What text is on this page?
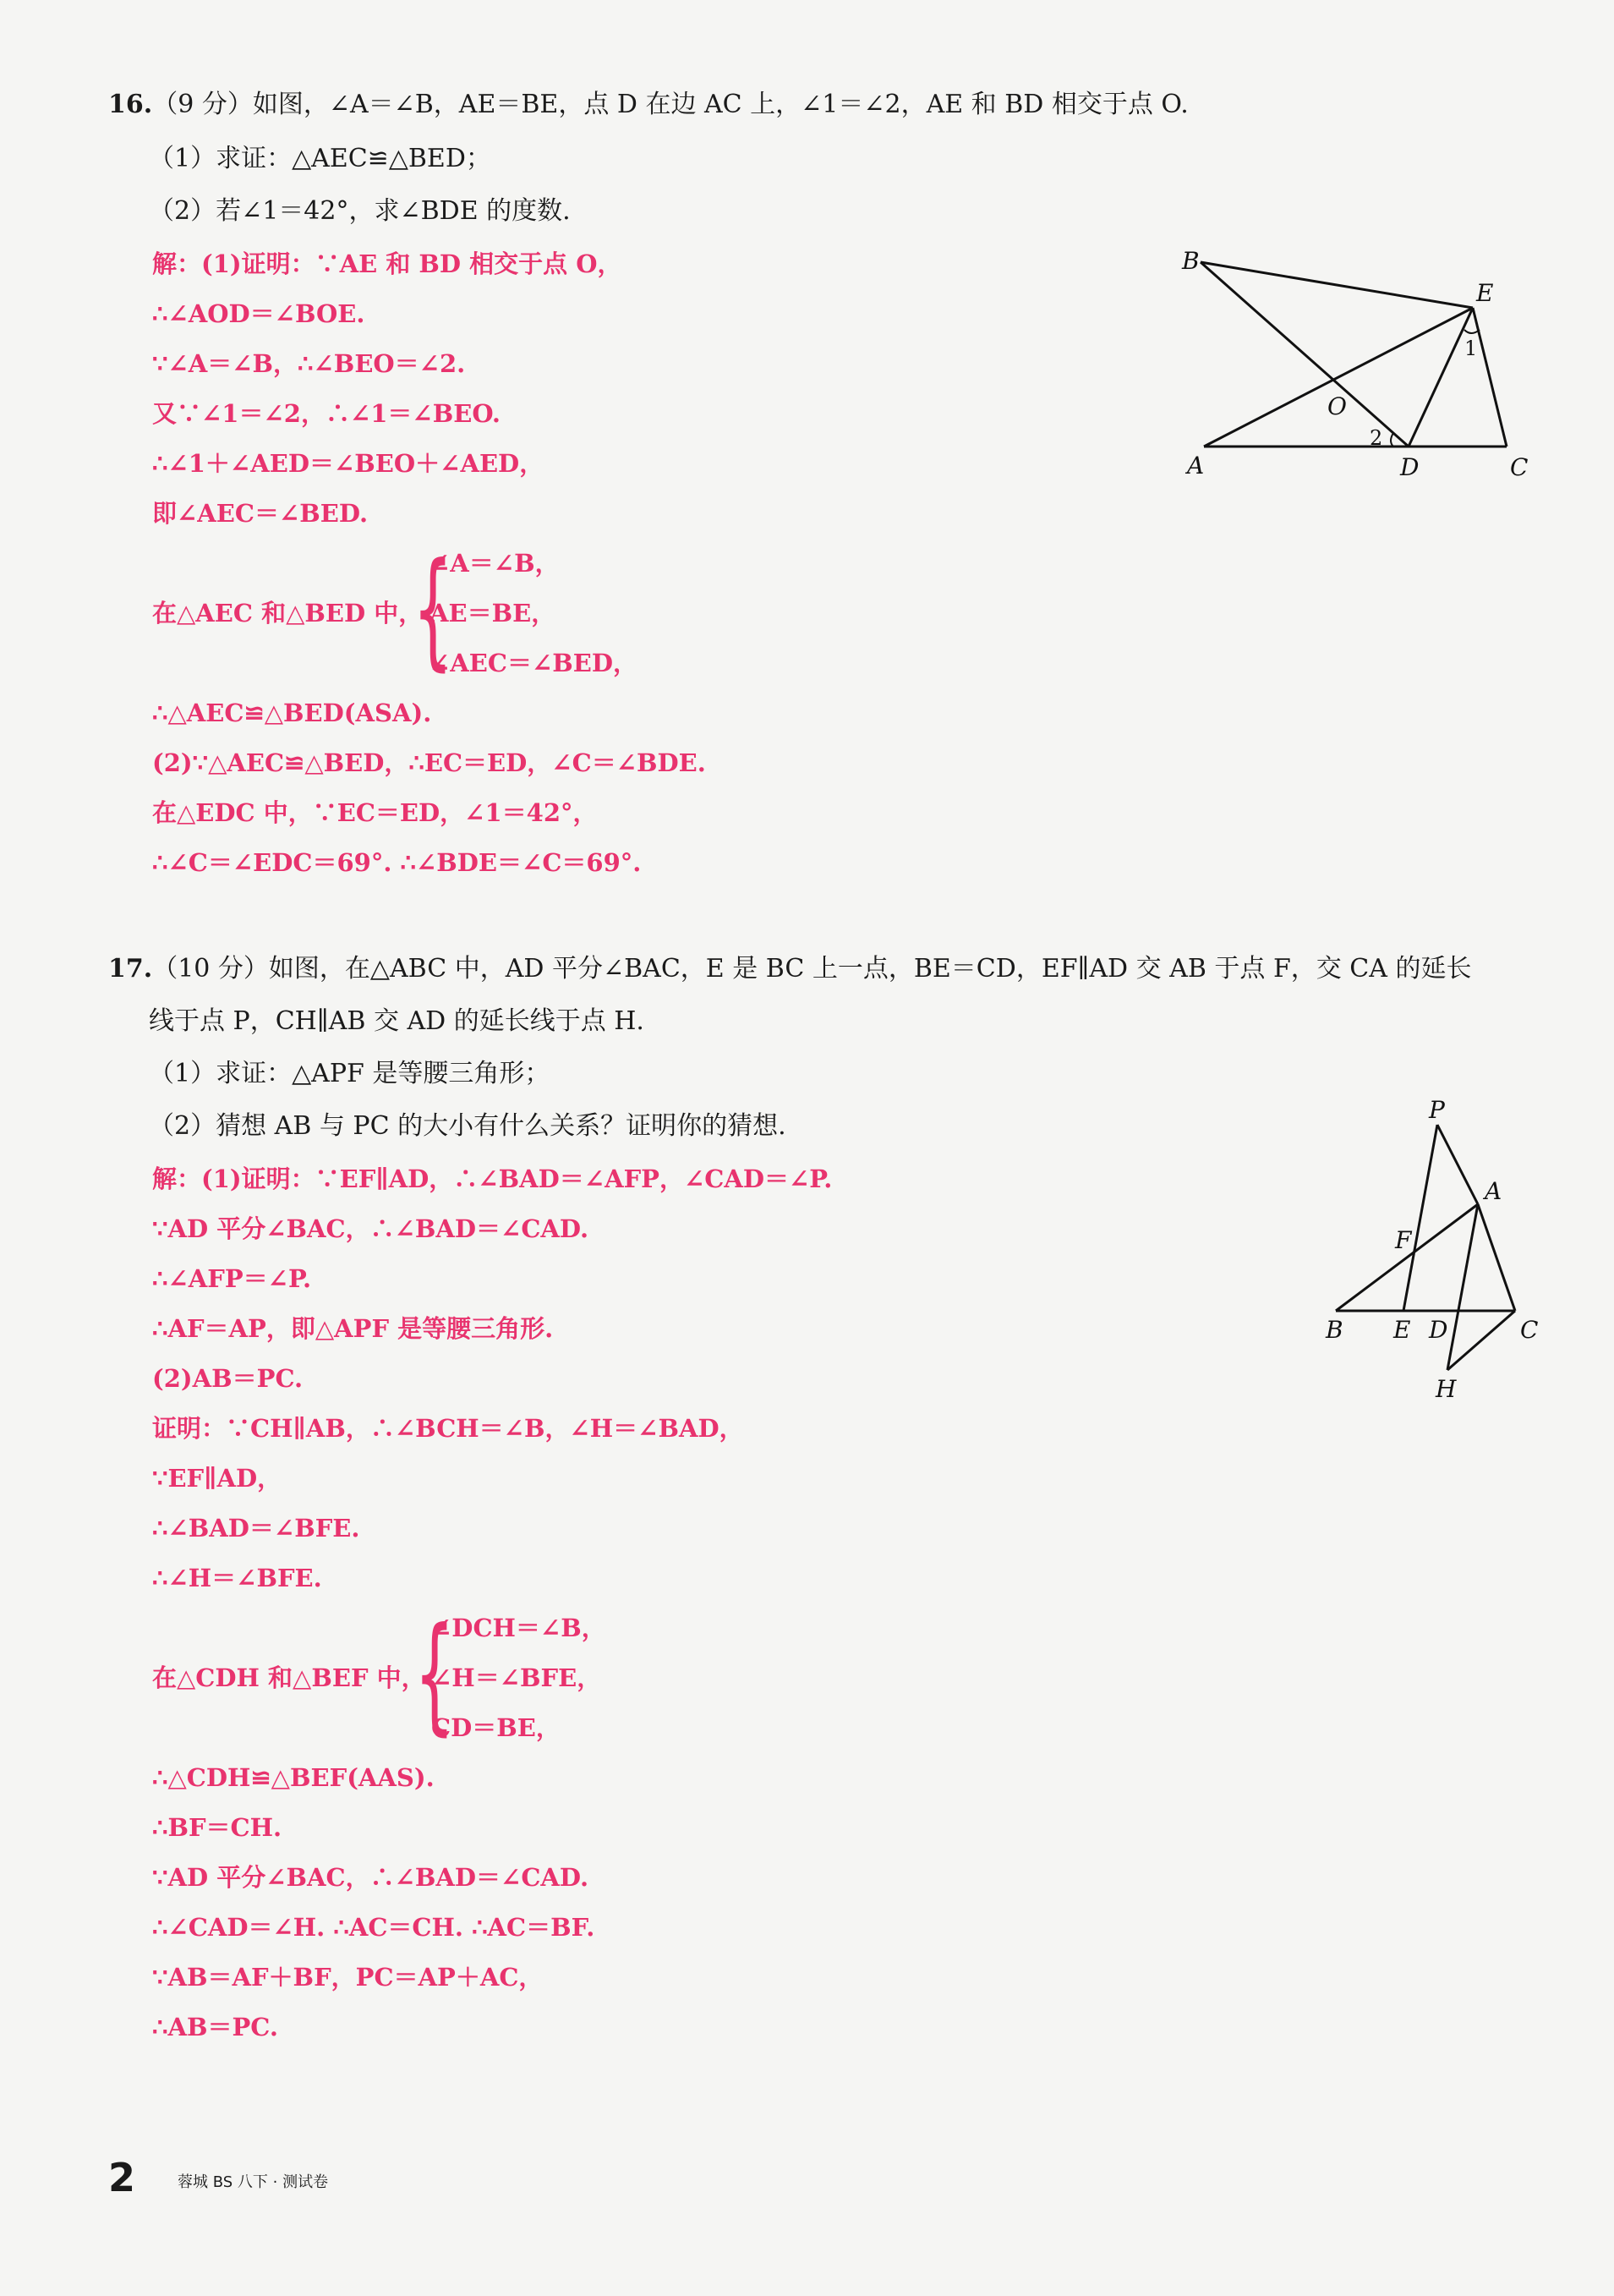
16.（9 分）如图，∠A＝∠B，AE＝BE，点 D 在边 AC 上，∠1＝∠2，AE 和 BD 相交于点 O.
（1）求证：△AEC≌△BED；
（2）若∠1＝42°，求∠BDE 的度数.
解：(1)证明：∵AE 和 BD 相交于点 O，
∴∠AOD＝∠BOE.
∵∠A＝∠B，∴∠BEO＝∠2.
又∵∠1＝∠2，∴∠1＝∠BEO.
∴∠1＋∠AED＝∠BEO＋∠AED，
即∠AEC＝∠BED.
在△AEC 和△BED 中，
{
∠A＝∠B，
AE＝BE，
∠AEC＝∠BED，
∴△AEC≌△BED(ASA).
(2)∵△AEC≌△BED，∴EC＝ED，∠C＝∠BDE.
在△EDC 中，∵EC＝ED，∠1＝42°，
∴∠C＝∠EDC＝69°. ∴∠BDE＝∠C＝69°.
B
E
O
A	D	C
1
2
17.（10 分）如图，在△ABC 中，AD 平分∠BAC，E 是 BC 上一点，BE＝CD，EF∥AD 交 AB 于点 F，交 CA 的延长
线于点 P，CH∥AB 交 AD 的延长线于点 H.
（1）求证：△APF 是等腰三角形；
（2）猜想 AB 与 PC 的大小有什么关系？证明你的猜想.
解：(1)证明：∵EF∥AD，∴∠BAD＝∠AFP，∠CAD＝∠P.
∵AD 平分∠BAC，∴∠BAD＝∠CAD.
∴∠AFP＝∠P.
∴AF＝AP，即△APF 是等腰三角形.
(2)AB＝PC.
证明：∵CH∥AB，∴∠BCH＝∠B，∠H＝∠BAD，
∵EF∥AD，
∴∠BAD＝∠BFE.
∴∠H＝∠BFE.
在△CDH 和△BEF 中，
{
∠DCH＝∠B，
∠H＝∠BFE，
CD＝BE，
∴△CDH≌△BEF(AAS).
∴BF＝CH.
∵AD 平分∠BAC，∴∠BAD＝∠CAD.
∴∠CAD＝∠H. ∴AC＝CH. ∴AC＝BF.
∵AB＝AF＋BF，PC＝AP＋AC，
∴AB＝PC.
P
A
F
B E D	C
H
2	蓉城 BS 八下 · 测试卷
